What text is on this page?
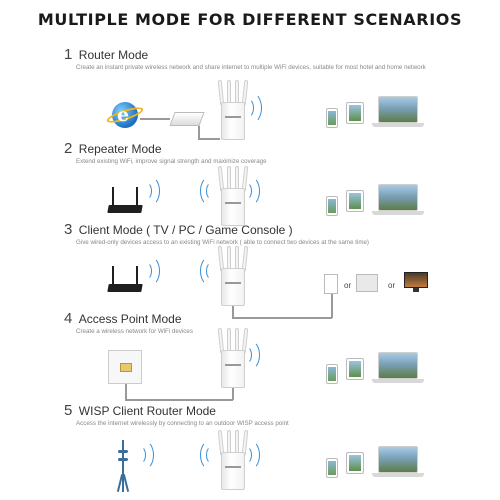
MULTIPLE MODE FOR DIFFERENT SCENARIOS
1 Router Mode
Create an instant private wireless network and share internet to multiple WiFi devices, suitable for most hotel and home network
e
2 Repeater Mode
Extend existing WiFi, improve signal strength and maximize coverage
3 Client Mode ( TV / PC / Game Console )
Give wired-only devices access to an existing WiFi network ( able to connect two devices at the same time)
or	or
4 Access Point Mode
Create a wireless network for WiFi devices
5 WISP Client Router Mode
Access the internet wirelessly by connecting to an outdoor WISP access point
